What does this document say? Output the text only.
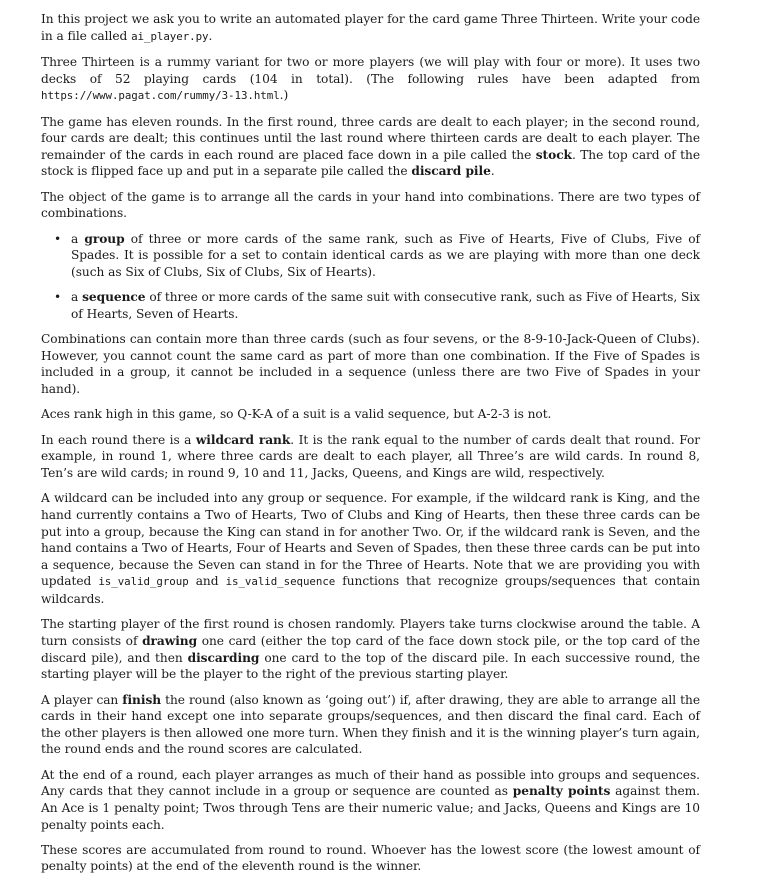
In this project we ask you to write an automated player for the card game Three Thirteen. Write your code in a file called ai_player.py.

Three Thirteen is a rummy variant for two or more players (we will play with four or more). It uses two decks of 52 playing cards (104 in total). (The following rules have been adapted from https://www.pagat.com/rummy/3-13.html.)

The game has eleven rounds. In the first round, three cards are dealt to each player; in the second round, four cards are dealt; this continues until the last round where thirteen cards are dealt to each player. The remainder of the cards in each round are placed face down in a pile called the stock. The top card of the stock is flipped face up and put in a separate pile called the discard pile.

The object of the game is to arrange all the cards in your hand into combinations. There are two types of combinations.

• a group of three or more cards of the same rank, such as Five of Hearts, Five of Clubs, Five of Spades. It is possible for a set to contain identical cards as we are playing with more than one deck (such as Six of Clubs, Six of Clubs, Six of Hearts).
• a sequence of three or more cards of the same suit with consecutive rank, such as Five of Hearts, Six of Hearts, Seven of Hearts.

Combinations can contain more than three cards (such as four sevens, or the 8-9-10-Jack-Queen of Clubs). However, you cannot count the same card as part of more than one combination. If the Five of Spades is included in a group, it cannot be included in a sequence (unless there are two Five of Spades in your hand).

Aces rank high in this game, so Q-K-A of a suit is a valid sequence, but A-2-3 is not.

In each round there is a wildcard rank. It is the rank equal to the number of cards dealt that round. For example, in round 1, where three cards are dealt to each player, all Three’s are wild cards. In round 8, Ten’s are wild cards; in round 9, 10 and 11, Jacks, Queens, and Kings are wild, respectively.

A wildcard can be included into any group or sequence. For example, if the wildcard rank is King, and the hand currently contains a Two of Hearts, Two of Clubs and King of Hearts, then these three cards can be put into a group, because the King can stand in for another Two. Or, if the wildcard rank is Seven, and the hand contains a Two of Hearts, Four of Hearts and Seven of Spades, then these three cards can be put into a sequence, because the Seven can stand in for the Three of Hearts. Note that we are providing you with updated is_valid_group and is_valid_sequence functions that recognize groups/sequences that contain wildcards.

The starting player of the first round is chosen randomly. Players take turns clockwise around the table. A turn consists of drawing one card (either the top card of the face down stock pile, or the top card of the discard pile), and then discarding one card to the top of the discard pile. In each successive round, the starting player will be the player to the right of the previous starting player.

A player can finish the round (also known as ‘going out’) if, after drawing, they are able to arrange all the cards in their hand except one into separate groups/sequences, and then discard the final card. Each of the other players is then allowed one more turn. When they finish and it is the winning player’s turn again, the round ends and the round scores are calculated.

At the end of a round, each player arranges as much of their hand as possible into groups and sequences. Any cards that they cannot include in a group or sequence are counted as penalty points against them. An Ace is 1 penalty point; Twos through Tens are their numeric value; and Jacks, Queens and Kings are 10 penalty points each.

These scores are accumulated from round to round. Whoever has the lowest score (the lowest amount of penalty points) at the end of the eleventh round is the winner.
